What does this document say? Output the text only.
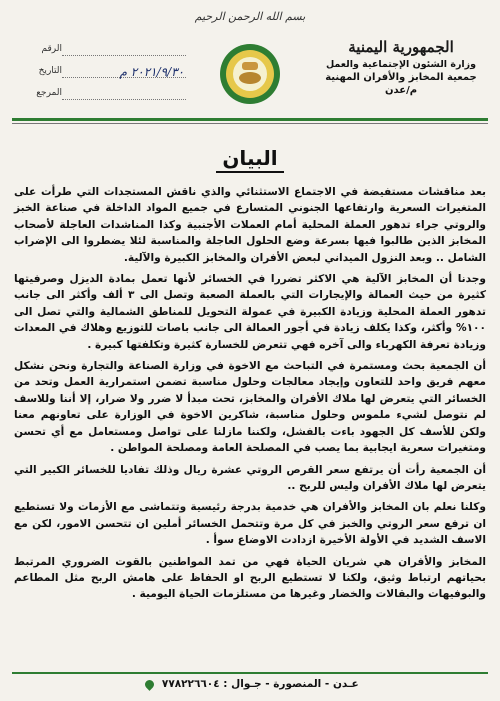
بسم الله الرحمن الرحيم
الجمهورية اليمنية
وزارة الشئون الإجتماعية والعمل
جمعية المخابز والأفران المهنية
م/عدن
الرقم
٢٠٢١/٩/٣٠ م
التاريخ
المرجع
البيان

بعد مناقشات مستفيضة في الاجتماع الاستثنائي والذي ناقش المستجدات التي طرأت على المتغيرات السعرية وارتفاعها الجنوني المتسارع في جميع المواد الداخلة في صناعة الخبز والروتي جراء تدهور العملة المحلية أمام العملات الأجنبية وكذا المناشدات العاجلة لأصحاب المخابز الذين طالبوا فيها بسرعة وضع الحلول العاجلة والمناسبة لئلا يضطروا الى الإضراب الشامل .. وبعد النزول الميداني لبعض الأفران والمخابز الكبيرة والآلية.

وجدنا أن المخابز الآلية هي الاكثر تضررا في الخسائر لأنها تعمل بمادة الديزل وصرفيتها كثيرة من حيث العمالة والإيجارات التي بالعملة الصعبة وتصل الى ٣ ألف وأكثر الى جانب تدهور العملة المحلية وزيادة الكبيرة في عمولة التحويل للمناطق الشمالية والتي تصل الى ١٠٠% وأكثر، وكذا يكلف زيادة في أجور العمالة الى جانب باصات للتوزيع وهلاك في المعدات وزيادة تعرفة الكهرباء والى آخره فهي تتعرض للخسارة كثيرة وتكلفتها كبيرة .

أن الجمعية بحث ومستمرة في التباحث مع الاخوة في وزارة الصناعة والتجارة ونحن نشكل معهم فريق واحد للتعاون وإيجاد معالجات وحلول مناسبة تضمن استمرارية العمل وتحد من الخسائر التي يتعرض لها ملاك الأفران والمخابز، تحت مبدأ لا ضرر ولا ضرار، إلا أننا وللاسف لم نتوصل لشيء ملموس وحلول مناسبة، شاكرين الاخوة في الوزارة على تعاونهم معنا ولكن للأسف كل الجهود باءت بالفشل، ولكننا مازلنا على تواصل ومستعامل مع أي تحسن ومتغيرات سعرية ايجابية بما يصب في المصلحة العامة ومصلحة المواطن .

أن الجمعية رأت أن يرتفع سعر القرص الروتي عشرة ريال وذلك تفاديا للخسائر الكبير التي يتعرض لها ملاك الأفران وليس للربح ..

وكلنا نعلم بان المخابز والأفران هي خدمية بدرجة رئيسية وتتماشى مع الأزمات ولا تستطيع ان ترفع سعر الروتي والخبز في كل مرة وتتحمل الخسائر أملين ان تتحسن الامور، لكن مع الاسف الشديد في الأولة الأخيرة ازدادت الاوضاع سوأ .

المخابز والأفران هي شريان الحياة فهي من تمد المواطنين بالقوت الضروري المرتبط بحياتهم ارتباط وثيق، ولكنا لا تستطيع الربح او الحفاظ على هامش الربح مثل المطاعم والبوفيهات والبقالات والخضار وغيرها من مستلزمات الحياة اليومية .

عـدن - المنصورة - جـوال : ٧٧٨٢٢٦٦٠٤
